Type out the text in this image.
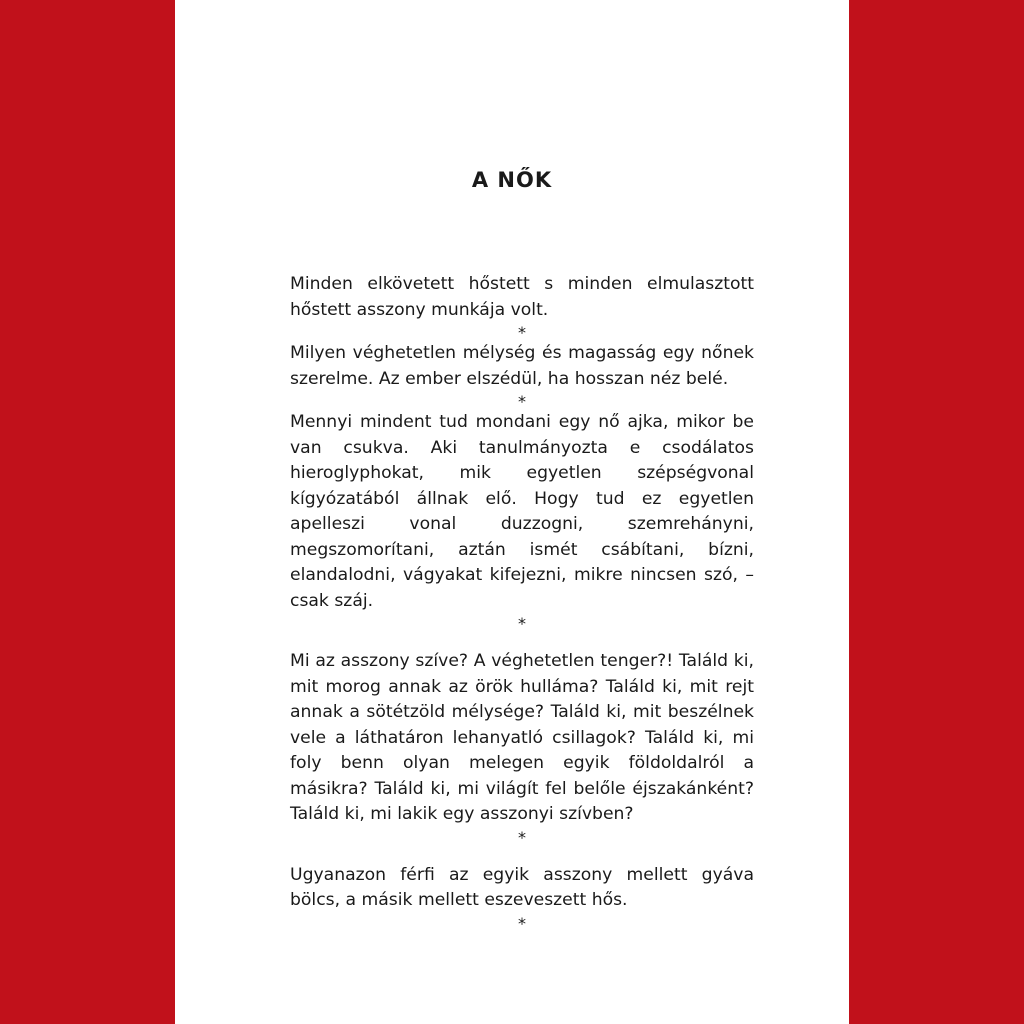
A NŐK

Minden elkövetett hőstett s minden elmulasztott hőstett asszony munkája volt.

*

Milyen véghetetlen mélység és magasság egy nőnek szerelme. Az ember elszédül, ha hosszan néz belé.

*

Mennyi mindent tud mondani egy nő ajka, mikor be van csukva. Aki tanulmányozta e csodálatos hieroglyphokat, mik egyetlen szépségvonal kígyózatából állnak elő. Hogy tud ez egyetlen apelleszi vonal duzzogni, szemrehányni, megszomorítani, aztán ismét csábítani, bízni, elandalodni, vágyakat kifejezni, mikre nincsen szó, – csak száj.

*

Mi az asszony szíve? A véghetetlen tenger?! Találd ki, mit morog annak az örök hulláma? Találd ki, mit rejt annak a sötétzöld mélysége? Találd ki, mit beszélnek vele a láthatáron lehanyatló csillagok? Találd ki, mi foly benn olyan melegen egyik földoldalról a másikra? Találd ki, mi világít fel belőle éjszakánként? Találd ki, mi lakik egy asszonyi szívben?

*

Ugyanazon férfi az egyik asszony mellett gyáva bölcs, a másik mellett eszeveszett hős.

*
